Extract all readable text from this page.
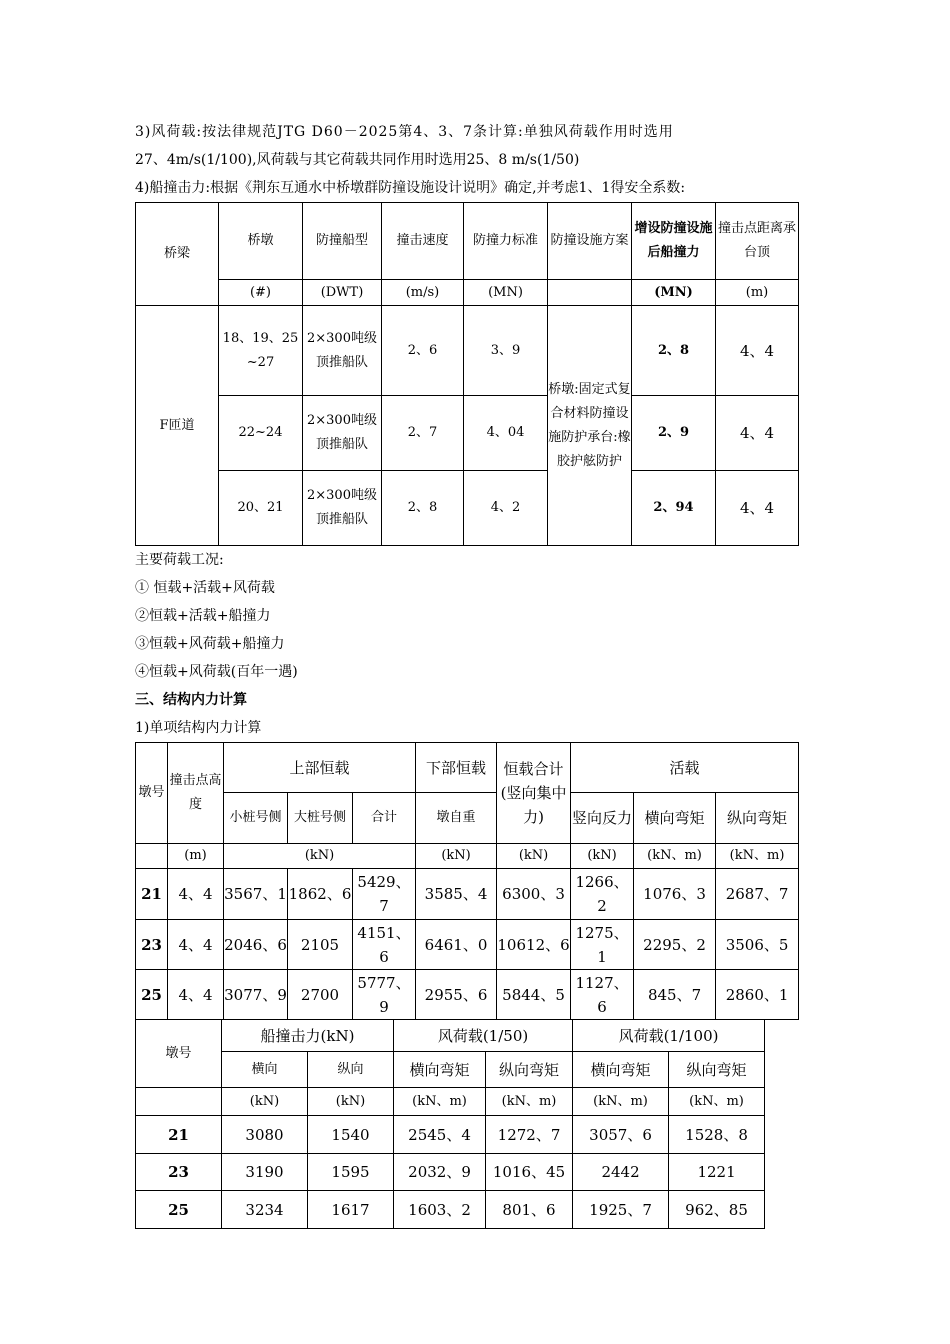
3)风荷载:按法律规范JTG D60－2025第4、3、7条计算:单独风荷载作用时选用

27、4m/s(1/100),风荷载与其它荷载共同作用时选用25、8 m/s(1/50)

4)船撞击力:根据《荆东互通水中桥墩群防撞设施设计说明》确定,并考虑1、1得安全系数:

桥梁	桥墩	防撞船型	撞击速度	防撞力标准	防撞设施方案	增设防撞设施后船撞力	撞击点距离承台顶
	(#)	(DWT)	(m/s)	(MN)		(MN)	(m)
F匝道	18、19、25~27	2×300吨级顶推船队	2、6	3、9	桥墩:固定式复合材料防撞设施防护承台:橡胶护舷防护	2、8	4、4
	22~24	2×300吨级顶推船队	2、7	4、04		2、9	4、4
	20、21	2×300吨级顶推船队	2、8	4、2		2、94	4、4

主要荷载工况:

① 恒载+活载+风荷载

②恒载+活载+船撞力

③恒载+风荷载+船撞力

④恒载+风荷载(百年一遇)

三、结构内力计算

1)单项结构内力计算

墩号	撞击点高度	上部恒载			下部恒载	恒载合计(竖向集中力)	活载		
		小桩号侧	大桩号侧	合计	墩自重		竖向反力	横向弯矩	纵向弯矩
	(m)	(kN)			(kN)	(kN)	(kN)	(kN、m)	(kN、m)
21	4、4	3567、1	1862、6	5429、7	3585、4	6300、3	1266、2	1076、3	2687、7
23	4、4	2046、6	2105	4151、6	6461、0	10612、6	1275、1	2295、2	3506、5
25	4、4	3077、9	2700	5777、9	2955、6	5844、5	1127、6	845、7	2860、1
墩号	船撞击力(kN)		风荷载(1/50)		风荷载(1/100)	
	横向	纵向	横向弯矩	纵向弯矩	横向弯矩	纵向弯矩
	(kN)	(kN)	(kN、m)	(kN、m)	(kN、m)	(kN、m)
21	3080	1540	2545、4	1272、7	3057、6	1528、8
23	3190	1595	2032、9	1016、45	2442	1221
25	3234	1617	1603、2	801、6	1925、7	962、85
